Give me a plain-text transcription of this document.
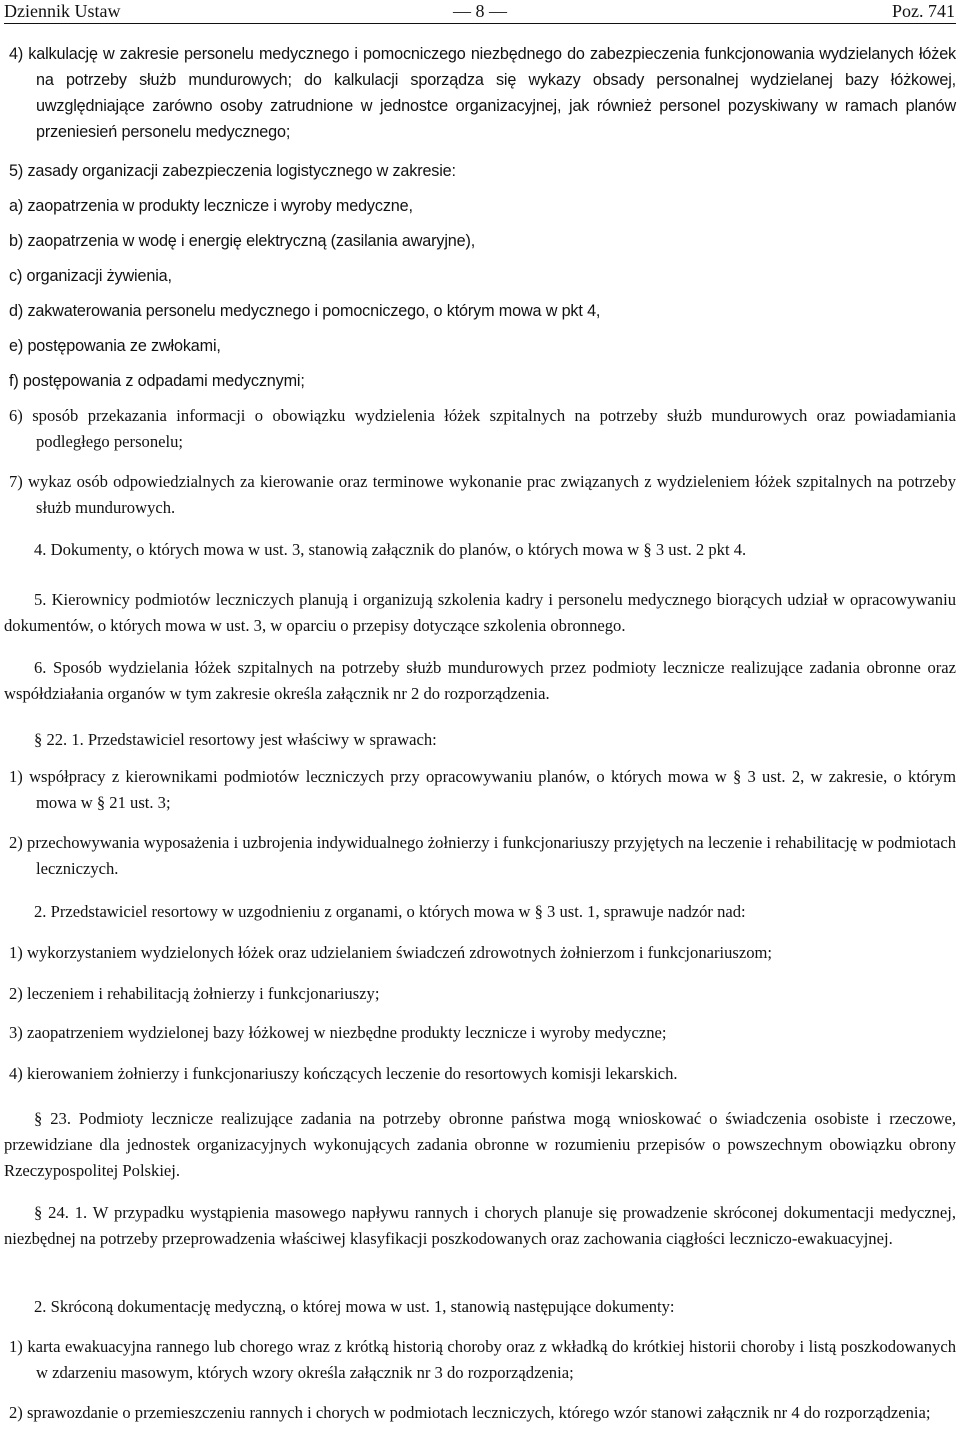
Dziennik Ustaw	— 8 —	Poz. 741
4) kalkulację w zakresie personelu medycznego i pomocniczego niezbędnego do zabezpieczenia funkcjonowania wydzielanych łóżek na potrzeby służb mundurowych; do kalkulacji sporządza się wykazy obsady personalnej wydzielanej bazy łóżkowej, uwzględniające zarówno osoby zatrudnione w jednostce organizacyjnej, jak również personel pozyskiwany w ramach planów przeniesień personelu medycznego;
5) zasady organizacji zabezpieczenia logistycznego w zakresie:
a) zaopatrzenia w produkty lecznicze i wyroby medyczne,
b) zaopatrzenia w wodę i energię elektryczną (zasilania awaryjne),
c) organizacji żywienia,
d) zakwaterowania personelu medycznego i pomocniczego, o którym mowa w pkt 4,
e) postępowania ze zwłokami,
f) postępowania z odpadami medycznymi;
6) sposób przekazania informacji o obowiązku wydzielenia łóżek szpitalnych na potrzeby służb mundurowych oraz powiadamiania podległego personelu;
7) wykaz osób odpowiedzialnych za kierowanie oraz terminowe wykonanie prac związanych z wydzieleniem łóżek szpitalnych na potrzeby służb mundurowych.
4. Dokumenty, o których mowa w ust. 3, stanowią załącznik do planów, o których mowa w § 3 ust. 2 pkt 4.
5. Kierownicy podmiotów leczniczych planują i organizują szkolenia kadry i personelu medycznego biorących udział w opracowywaniu dokumentów, o których mowa w ust. 3, w oparciu o przepisy dotyczące szkolenia obronnego.
6. Sposób wydzielania łóżek szpitalnych na potrzeby służb mundurowych przez podmioty lecznicze realizujące zadania obronne oraz współdziałania organów w tym zakresie określa załącznik nr 2 do rozporządzenia.
§ 22. 1. Przedstawiciel resortowy jest właściwy w sprawach:
1) współpracy z kierownikami podmiotów leczniczych przy opracowywaniu planów, o których mowa w § 3 ust. 2, w zakresie, o którym mowa w § 21 ust. 3;
2) przechowywania wyposażenia i uzbrojenia indywidualnego żołnierzy i funkcjonariuszy przyjętych na leczenie i rehabilitację w podmiotach leczniczych.
2. Przedstawiciel resortowy w uzgodnieniu z organami, o których mowa w § 3 ust. 1, sprawuje nadzór nad:
1) wykorzystaniem wydzielonych łóżek oraz udzielaniem świadczeń zdrowotnych żołnierzom i funkcjonariuszom;
2) leczeniem i rehabilitacją żołnierzy i funkcjonariuszy;
3) zaopatrzeniem wydzielonej bazy łóżkowej w niezbędne produkty lecznicze i wyroby medyczne;
4) kierowaniem żołnierzy i funkcjonariuszy kończących leczenie do resortowych komisji lekarskich.
§ 23. Podmioty lecznicze realizujące zadania na potrzeby obronne państwa mogą wnioskować o świadczenia osobiste i rzeczowe, przewidziane dla jednostek organizacyjnych wykonujących zadania obronne w rozumieniu przepisów o powszechnym obowiązku obrony Rzeczypospolitej Polskiej.
§ 24. 1. W przypadku wystąpienia masowego napływu rannych i chorych planuje się prowadzenie skróconej dokumentacji medycznej, niezbędnej na potrzeby przeprowadzenia właściwej klasyfikacji poszkodowanych oraz zachowania ciągłości leczniczo-ewakuacyjnej.
2. Skróconą dokumentację medyczną, o której mowa w ust. 1, stanowią następujące dokumenty:
1) karta ewakuacyjna rannego lub chorego wraz z krótką historią choroby oraz z wkładką do krótkiej historii choroby i listą poszkodowanych w zdarzeniu masowym, których wzory określa załącznik nr 3 do rozporządzenia;
2) sprawozdanie o przemieszczeniu rannych i chorych w podmiotach leczniczych, którego wzór stanowi załącznik nr 4 do rozporządzenia;
